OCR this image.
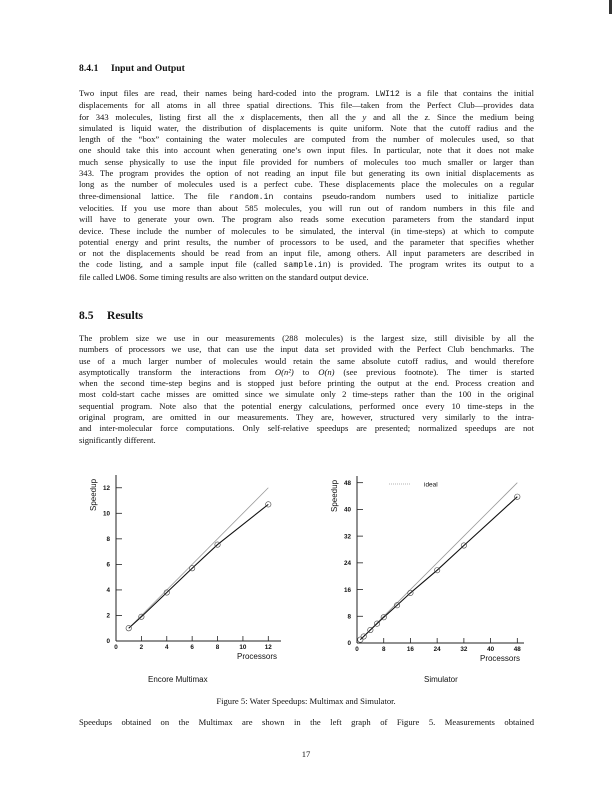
8.4.1 Input and Output
Two input files are read, their names being hard-coded into the program. LWI12 is a file that contains the initial
displacements for all atoms in all three spatial directions. This file—taken from the Perfect Club—provides data
for 343 molecules, listing first all the x displacements, then all the y and all the z. Since the medium being
simulated is liquid water, the distribution of displacements is quite uniform. Note that the cutoff radius and the
length of the “box” containing the water molecules are computed from the number of molecules used, so that
one should take this into account when generating one’s own input files. In particular, note that it does not make
much sense physically to use the input file provided for numbers of molecules too much smaller or larger than
343. The program provides the option of not reading an input file but generating its own initial displacements as
long as the number of molecules used is a perfect cube. These displacements place the molecules on a regular
three-dimensional lattice. The file random.in contains pseudo-random numbers used to initialize particle
velocities. If you use more than about 585 molecules, you will run out of random numbers in this file and
will have to generate your own. The program also reads some execution parameters from the standard input
device. These include the number of molecules to be simulated, the interval (in time-steps) at which to compute
potential energy and print results, the number of processors to be used, and the parameter that specifies whether
or not the displacements should be read from an input file, among others. All input parameters are described in
the code listing, and a sample input file (called sample.in) is provided. The program writes its output to a
file called LWO6. Some timing results are also written on the standard output device.
8.5 Results
The problem size we use in our measurements (288 molecules) is the largest size, still divisible by all the
numbers of processors we use, that can use the input data set provided with the Perfect Club benchmarks. The
use of a much larger number of molecules would retain the same absolute cutoff radius, and would therefore
asymptotically transform the interactions from O(n²) to O(n) (see previous footnote). The timer is started
when the second time-step begins and is stopped just before printing the output at the end. Process creation and
most cold-start cache misses are omitted since we simulate only 2 time-steps rather than the 100 in the original
sequential program. Note also that the potential energy calculations, performed once every 10 time-steps in the
original program, are omitted in our measurements. They are, however, structured very similarly to the intra-
and inter-molecular force computations. Only self-relative speedups are presented; normalized speedups are not
significantly different.
0	2	4	6	8	10	12
0
2
4
6
8
10
12
Processors
Speedup
0	8	16	24	32	40	48
0
8
16
24
32
40
48
Processors
Speedup	ideal
Encore Multimax	Simulator
Figure 5: Water Speedups: Multimax and Simulator.
Speedups obtained on the Multimax are shown in the left graph of Figure 5. Measurements obtained
17
